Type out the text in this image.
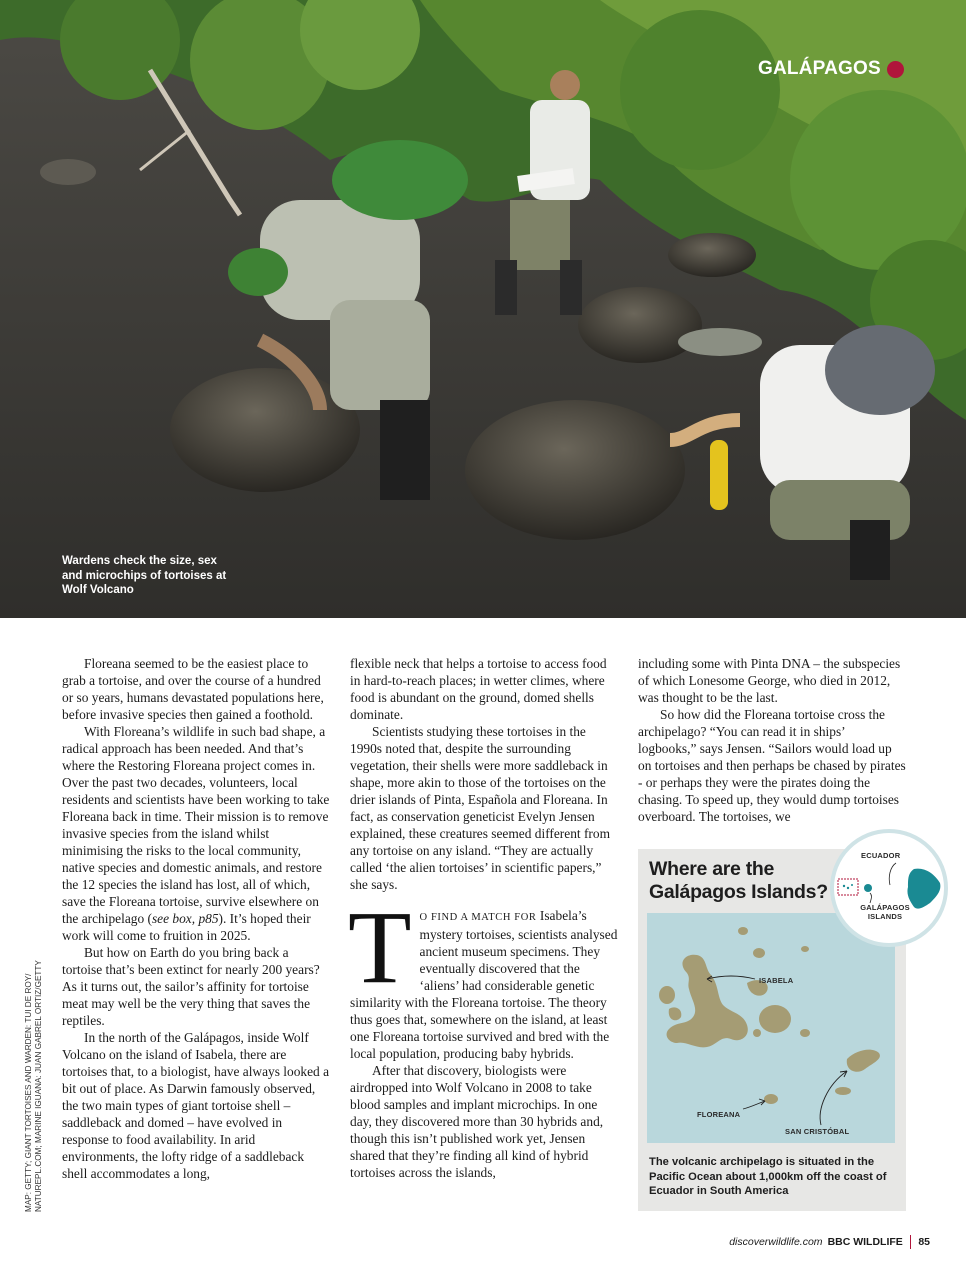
GALÁPAGOS
Wardens check the size, sex and microchips of tortoises at Wolf Volcano
MAP: GETTY; GIANT TORTOISES AND WARDEN: TUI DE ROY/ NATUREPL.COM; MARINE IGUANA: JUAN GABREL ORTIZ/GETTY

Floreana seemed to be the easiest place to grab a tortoise, and over the course of a hundred or so years, humans devastated populations here, before invasive species then gained a foothold.

With Floreana’s wildlife in such bad shape, a radical approach has been needed. And that’s where the Restoring Floreana project comes in. Over the past two decades, volunteers, local residents and scientists have been working to take Floreana back in time. Their mission is to remove invasive species from the island whilst minimising the risks to the local community, native species and domestic animals, and restore the 12 species the island has lost, all of which, save the Floreana tortoise, survive elsewhere on the archipelago (see box, p85). It’s hoped their work will come to fruition in 2025.

But how on Earth do you bring back a tortoise that’s been extinct for nearly 200 years? As it turns out, the sailor’s affinity for tortoise meat may well be the very thing that saves the reptiles.

In the north of the Galápagos, inside Wolf Volcano on the island of Isabela, there are tortoises that, to a biologist, have always looked a bit out of place. As Darwin famously observed, the two main types of giant tortoise shell – saddleback and domed – have evolved in response to food availability. In arid environments, the lofty ridge of a saddleback shell accommodates a long,

flexible neck that helps a tortoise to access food in hard-to-reach places; in wetter climes, where food is abundant on the ground, domed shells dominate.

Scientists studying these tortoises in the 1990s noted that, despite the surrounding vegetation, their shells were more saddleback in shape, more akin to those of the tortoises on the drier islands of Pinta, Española and Floreana. In fact, as conservation geneticist Evelyn Jensen explained, these creatures seemed different from any tortoise on any island. “They are actually called ‘the alien tortoises’ in scientific papers,” she says.

T O FIND A MATCH FOR Isabela’s mystery tortoises, scientists analysed ancient museum specimens. They eventually discovered that the ‘aliens’ had considerable genetic similarity with the Floreana tortoise. The theory thus goes that, somewhere on the island, at least one Floreana tortoise survived and bred with the local population, producing baby hybrids.

After that discovery, biologists were airdropped into Wolf Volcano in 2008 to take blood samples and implant microchips. In one day, they discovered more than 30 hybrids and, though this isn’t published work yet, Jensen shared that they’re finding all kind of hybrid tortoises across the islands,

including some with Pinta DNA – the subspecies of which Lonesome George, who died in 2012, was thought to be the last.

So how did the Floreana tortoise cross the archipelago? “You can read it in ships’ logbooks,” says Jensen. “Sailors would load up on tortoises and then perhaps be chased by pirates - or perhaps they were the pirates doing the chasing. To speed up, they would dump tortoises overboard. The tortoises, we

Where are the Galápagos Islands?
ISABELA
FLOREANA
SAN CRISTÓBAL
The volcanic archipelago is situated in the Pacific Ocean about 1,000km off the coast of Ecuador in South America
ECUADOR
GALÁPAGOS
ISLANDS
discoverwildlife.com BBC WILDLIFE 85
